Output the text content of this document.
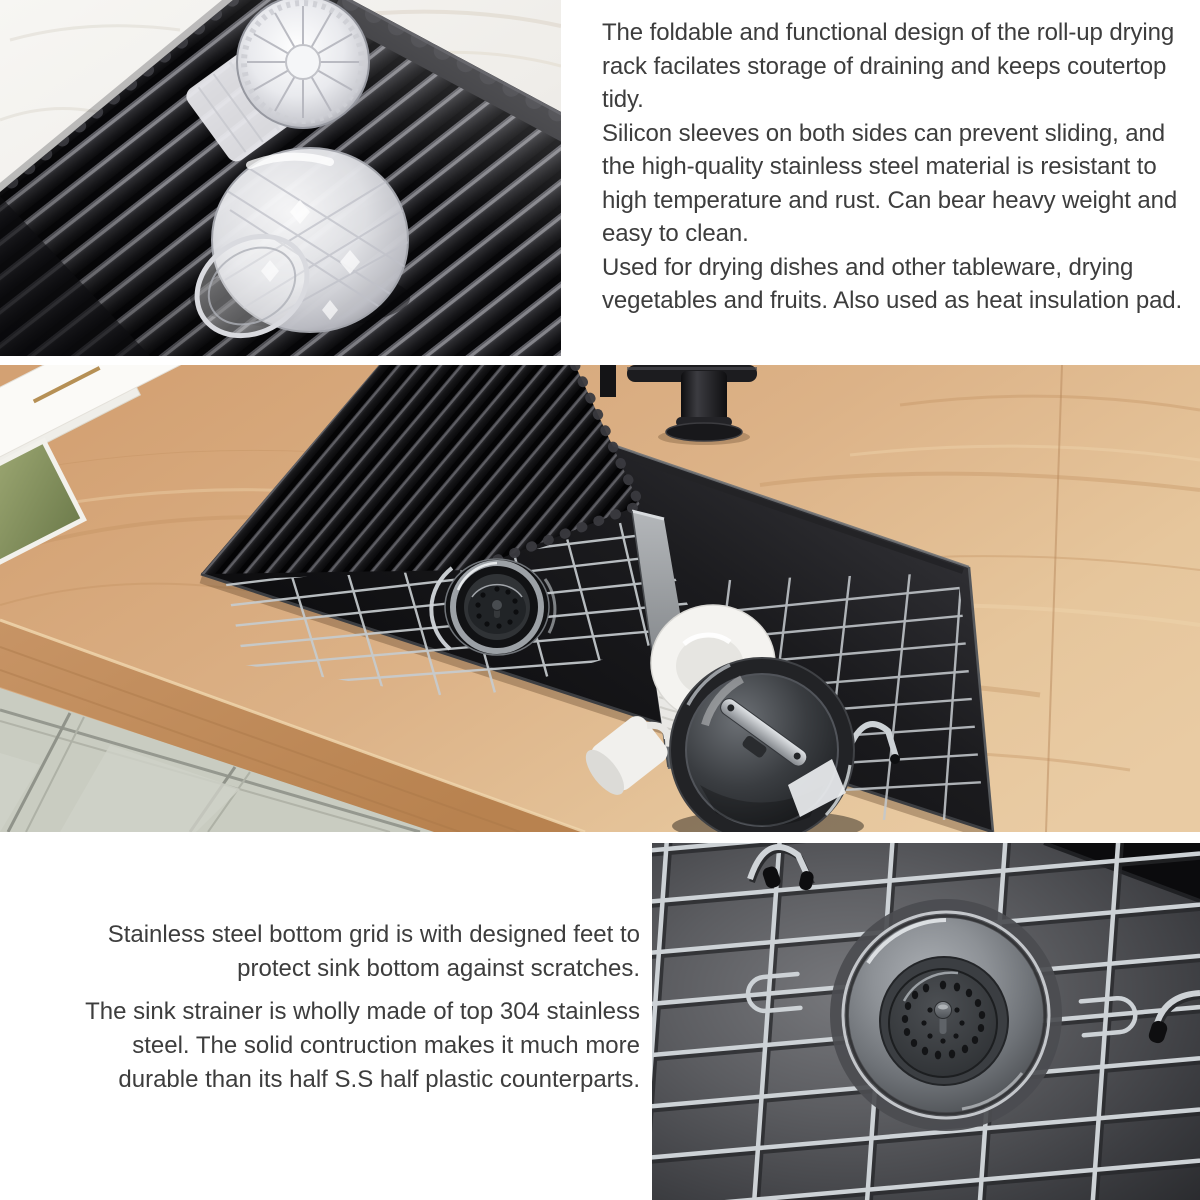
The foldable and functional design of the roll-up drying rack facilates storage of draining and keeps coutertop tidy.

Silicon sleeves on both sides can prevent sliding, and the high-quality stainless steel material is resistant to high temperature and rust. Can bear heavy weight and easy to clean.

Used for drying dishes and other tableware, drying vegetables and fruits. Also used as heat insulation pad.

Stainless steel bottom grid is with designed feet to protect sink bottom against scratches.

The sink strainer is wholly made of top 304 stainless steel. The solid contruction makes it much more durable than its half S.S half plastic counterparts.
